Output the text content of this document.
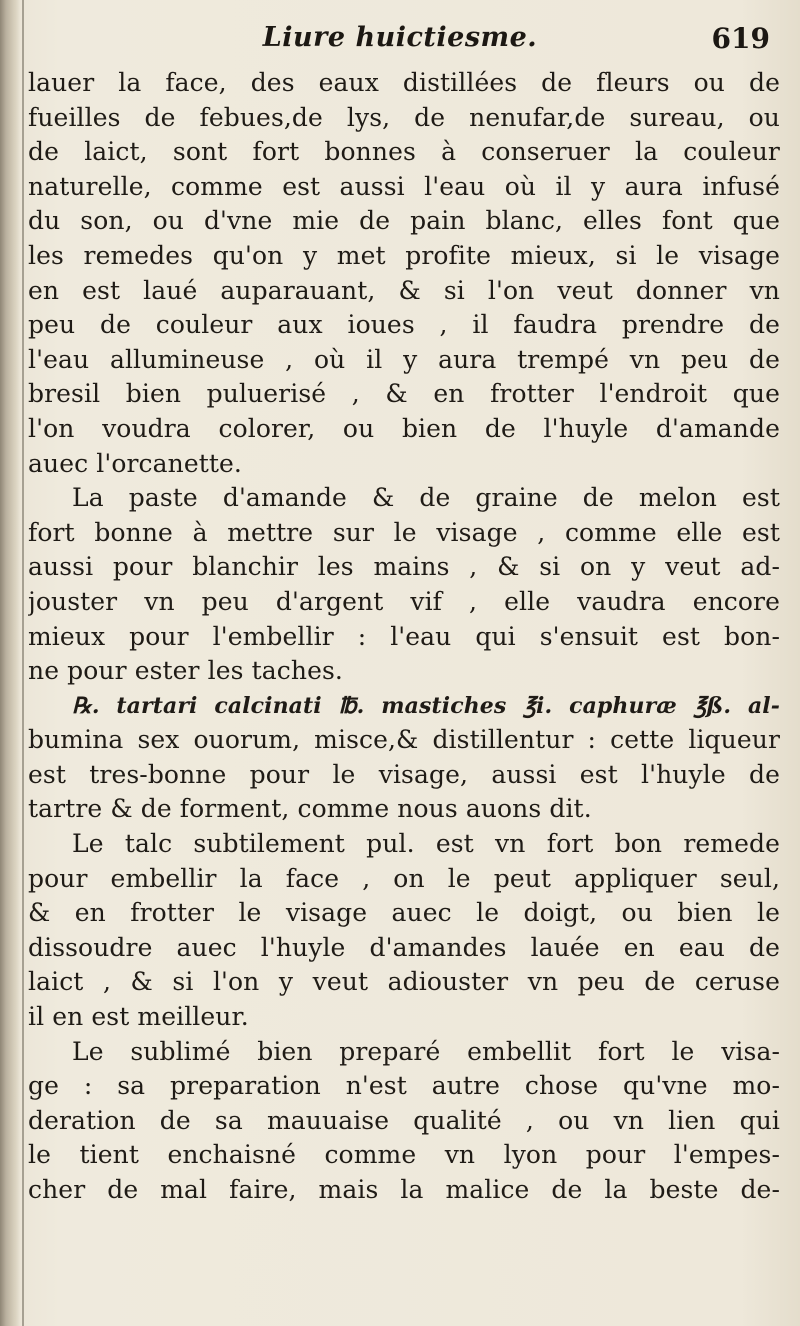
Liure huictiesme.	619
lauer la face, des eaux distillées de fleurs ou de
fueilles de febues,de lys, de nenufar,de sureau, ou
de laict, sont fort bonnes à conseruer la couleur
naturelle, comme est aussi l'eau où il y aura infusé
du son, ou d'vne mie de pain blanc, elles font que
les remedes qu'on y met profite mieux, si le visage
en est laué auparauant, & si l'on veut donner vn
peu de couleur aux ioues , il faudra prendre de
l'eau allumineuse , où il y aura trempé vn peu de
bresil bien puluerisé , & en frotter l'endroit que
l'on voudra colorer, ou bien de l'huyle d'amande
auec l'orcanette.
La paste d'amande & de graine de melon est
fort bonne à mettre sur le visage , comme elle est
aussi pour blanchir les mains , & si on y veut ad-
jouster vn peu d'argent vif , elle vaudra encore
mieux pour l'embellir : l'eau qui s'ensuit est bon-
ne pour ester les taches.
℞. tartari calcinati ℔. mastiches ℥i. caphuræ ℥ß. al-
bumina sex ouorum, misce,& distillentur : cette liqueur
est tres-bonne pour le visage, aussi est l'huyle de
tartre & de forment, comme nous auons dit.
Le talc subtilement pul. est vn fort bon remede
pour embellir la face , on le peut appliquer seul,
& en frotter le visage auec le doigt, ou bien le
dissoudre auec l'huyle d'amandes lauée en eau de
laict , & si l'on y veut adiouster vn peu de ceruse
il en est meilleur.
Le sublimé bien preparé embellit fort le visa-
ge : sa preparation n'est autre chose qu'vne mo-
deration de sa mauuaise qualité , ou vn lien qui
le tient enchaisné comme vn lyon pour l'empes-
cher de mal faire, mais la malice de la beste de-
